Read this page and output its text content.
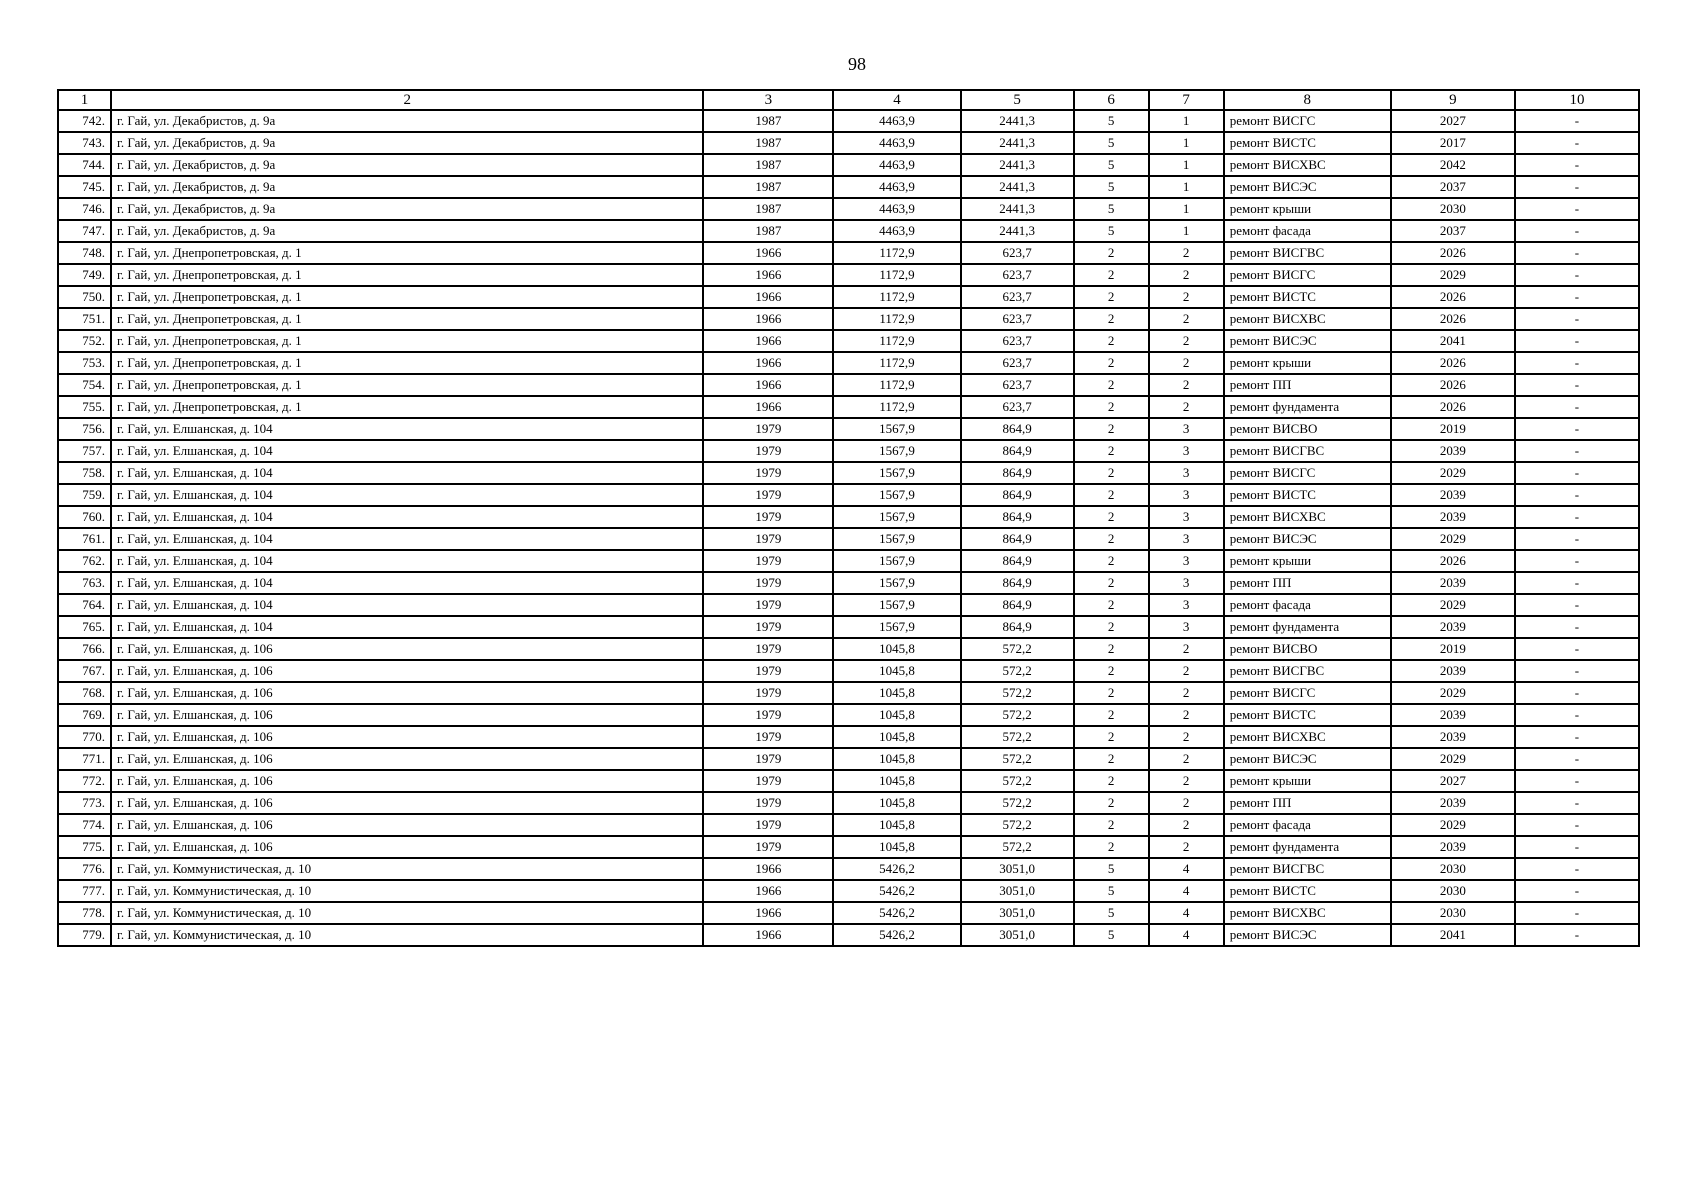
98
1	2	3	4	5	6	7	8	9	10
742.	г. Гай, ул. Декабристов, д. 9а	1987	4463,9	2441,3	5	1	ремонт ВИСГС	2027	-
743.	г. Гай, ул. Декабристов, д. 9а	1987	4463,9	2441,3	5	1	ремонт ВИСТС	2017	-
744.	г. Гай, ул. Декабристов, д. 9а	1987	4463,9	2441,3	5	1	ремонт ВИСХВС	2042	-
745.	г. Гай, ул. Декабристов, д. 9а	1987	4463,9	2441,3	5	1	ремонт ВИСЭС	2037	-
746.	г. Гай, ул. Декабристов, д. 9а	1987	4463,9	2441,3	5	1	ремонт крыши	2030	-
747.	г. Гай, ул. Декабристов, д. 9а	1987	4463,9	2441,3	5	1	ремонт фасада	2037	-
748.	г. Гай, ул. Днепропетровская, д. 1	1966	1172,9	623,7	2	2	ремонт ВИСГВС	2026	-
749.	г. Гай, ул. Днепропетровская, д. 1	1966	1172,9	623,7	2	2	ремонт ВИСГС	2029	-
750.	г. Гай, ул. Днепропетровская, д. 1	1966	1172,9	623,7	2	2	ремонт ВИСТС	2026	-
751.	г. Гай, ул. Днепропетровская, д. 1	1966	1172,9	623,7	2	2	ремонт ВИСХВС	2026	-
752.	г. Гай, ул. Днепропетровская, д. 1	1966	1172,9	623,7	2	2	ремонт ВИСЭС	2041	-
753.	г. Гай, ул. Днепропетровская, д. 1	1966	1172,9	623,7	2	2	ремонт крыши	2026	-
754.	г. Гай, ул. Днепропетровская, д. 1	1966	1172,9	623,7	2	2	ремонт ПП	2026	-
755.	г. Гай, ул. Днепропетровская, д. 1	1966	1172,9	623,7	2	2	ремонт фундамента	2026	-
756.	г. Гай, ул. Елшанская, д. 104	1979	1567,9	864,9	2	3	ремонт ВИСВО	2019	-
757.	г. Гай, ул. Елшанская, д. 104	1979	1567,9	864,9	2	3	ремонт ВИСГВС	2039	-
758.	г. Гай, ул. Елшанская, д. 104	1979	1567,9	864,9	2	3	ремонт ВИСГС	2029	-
759.	г. Гай, ул. Елшанская, д. 104	1979	1567,9	864,9	2	3	ремонт ВИСТС	2039	-
760.	г. Гай, ул. Елшанская, д. 104	1979	1567,9	864,9	2	3	ремонт ВИСХВС	2039	-
761.	г. Гай, ул. Елшанская, д. 104	1979	1567,9	864,9	2	3	ремонт ВИСЭС	2029	-
762.	г. Гай, ул. Елшанская, д. 104	1979	1567,9	864,9	2	3	ремонт крыши	2026	-
763.	г. Гай, ул. Елшанская, д. 104	1979	1567,9	864,9	2	3	ремонт ПП	2039	-
764.	г. Гай, ул. Елшанская, д. 104	1979	1567,9	864,9	2	3	ремонт фасада	2029	-
765.	г. Гай, ул. Елшанская, д. 104	1979	1567,9	864,9	2	3	ремонт фундамента	2039	-
766.	г. Гай, ул. Елшанская, д. 106	1979	1045,8	572,2	2	2	ремонт ВИСВО	2019	-
767.	г. Гай, ул. Елшанская, д. 106	1979	1045,8	572,2	2	2	ремонт ВИСГВС	2039	-
768.	г. Гай, ул. Елшанская, д. 106	1979	1045,8	572,2	2	2	ремонт ВИСГС	2029	-
769.	г. Гай, ул. Елшанская, д. 106	1979	1045,8	572,2	2	2	ремонт ВИСТС	2039	-
770.	г. Гай, ул. Елшанская, д. 106	1979	1045,8	572,2	2	2	ремонт ВИСХВС	2039	-
771.	г. Гай, ул. Елшанская, д. 106	1979	1045,8	572,2	2	2	ремонт ВИСЭС	2029	-
772.	г. Гай, ул. Елшанская, д. 106	1979	1045,8	572,2	2	2	ремонт крыши	2027	-
773.	г. Гай, ул. Елшанская, д. 106	1979	1045,8	572,2	2	2	ремонт ПП	2039	-
774.	г. Гай, ул. Елшанская, д. 106	1979	1045,8	572,2	2	2	ремонт фасада	2029	-
775.	г. Гай, ул. Елшанская, д. 106	1979	1045,8	572,2	2	2	ремонт фундамента	2039	-
776.	г. Гай, ул. Коммунистическая, д. 10	1966	5426,2	3051,0	5	4	ремонт ВИСГВС	2030	-
777.	г. Гай, ул. Коммунистическая, д. 10	1966	5426,2	3051,0	5	4	ремонт ВИСТС	2030	-
778.	г. Гай, ул. Коммунистическая, д. 10	1966	5426,2	3051,0	5	4	ремонт ВИСХВС	2030	-
779.	г. Гай, ул. Коммунистическая, д. 10	1966	5426,2	3051,0	5	4	ремонт ВИСЭС	2041	-
